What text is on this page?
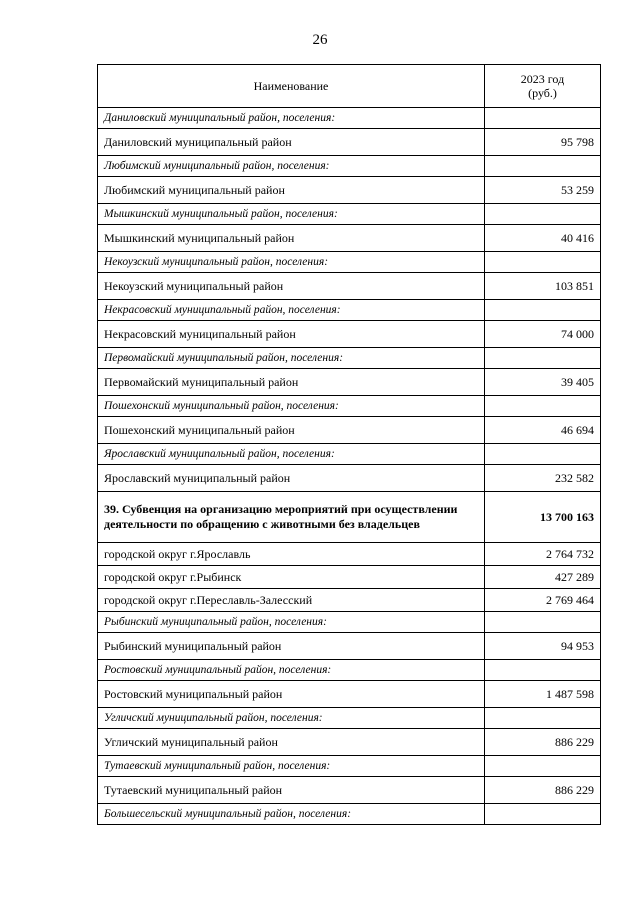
26
Наименование	2023 год
(руб.)

Даниловский муниципальный район, поселения:	
Даниловский муниципальный район	95 798
Любимский муниципальный район, поселения:	
Любимский муниципальный район	53 259
Мышкинский муниципальный район, поселения:	
Мышкинский муниципальный район	40 416
Некоузский муниципальный район, поселения:	
Некоузский муниципальный район	103 851
Некрасовский муниципальный район, поселения:	
Некрасовский муниципальный район	74 000
Первомайский муниципальный район, поселения:	
Первомайский муниципальный район	39 405
Пошехонский муниципальный район, поселения:	
Пошехонский муниципальный район	46 694
Ярославский муниципальный район, поселения:	
Ярославский муниципальный район	232 582
39. Субвенция на организацию мероприятий при осуществлении деятельности по обращению с животными без владельцев	13 700 163
городской округ г.Ярославль	2 764 732
городской округ г.Рыбинск	427 289
городской округ г.Переславль-Залесский	2 769 464
Рыбинский муниципальный район, поселения:	
Рыбинский муниципальный район	94 953
Ростовский муниципальный район, поселения:	
Ростовский муниципальный район	1 487 598
Угличский муниципальный район, поселения:	
Угличский муниципальный район	886 229
Тутаевский муниципальный район, поселения:	
Тутаевский муниципальный район	886 229
Большесельский муниципальный район, поселения:	
